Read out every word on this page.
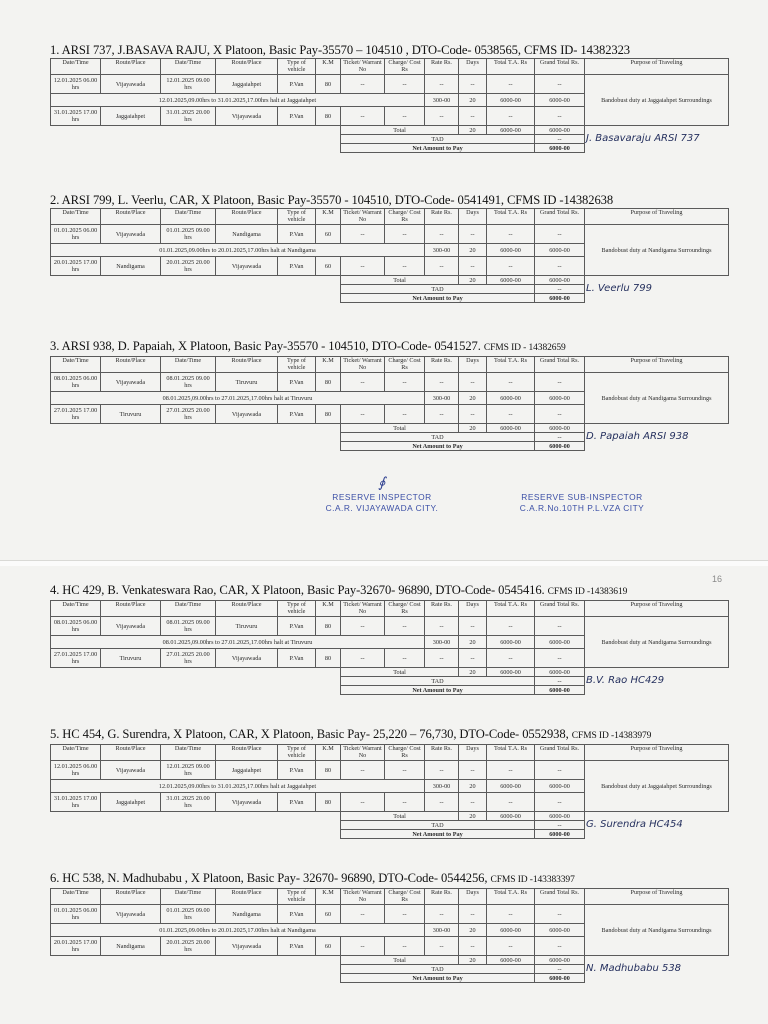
16
1. ARSI 737, J.BASAVA RAJU, X Platoon, Basic Pay-35570 – 104510 , DTO-Code- 0538565, CFMS ID- 14382323
Date/Time	Route/Place	Date/Time	Route/Place	Type of vehicle	K.M	Ticket/ Warrant No	Charge/ Cost Rs	Rate Rs.	Days	Total T.A. Rs	Grand Total Rs.	Purpose of Traveling
12.01.2025 06.00 hrs	Vijayawada	12.01.2025 09.00 hrs	Jaggaiahpet	P.Van	80	--	--	--	--	--	--	Bandobust duty at Jaggaiahpet Surroundings
12.01.2025,09.00hrs to 31.01.2025,17.00hrs halt at Jaggaiahpet								300-00	20	6000-00	6000-00	
31.01.2025 17.00 hrs	Jaggaiahpet	31.01.2025 20.00 hrs	Vijayawada	P.Van	80	--	--	--	--	--	--	
						Total			20	6000-00	6000-00	J. Basavaraju ARSI 737
						TAD					--	
						Net Amount to Pay					6000-00	
2. ARSI 799, L. Veerlu, CAR, X Platoon, Basic Pay-35570 - 104510, DTO-Code- 0541491, CFMS ID -14382638
Date/Time	Route/Place	Date/Time	Route/Place	Type of vehicle	K.M	Ticket/ Warrant No	Charge/ Cost Rs	Rate Rs.	Days	Total T.A. Rs	Grand Total Rs.	Purpose of Traveling
01.01.2025 06.00 hrs	Vijayawada	01.01.2025 09.00 hrs	Nandigama	P.Van	60	--	--	--	--	--	--	Bandobust duty at Nandigama Surroundings
01.01.2025,09.00hrs to 20.01.2025,17.00hrs halt at Nandigama								300-00	20	6000-00	6000-00	
20.01.2025 17.00 hrs	Nandigama	20.01.2025 20.00 hrs	Vijayawada	P.Van	60	--	--	--	--	--	--	
						Total			20	6000-00	6000-00	L. Veerlu 799
						TAD					--	
						Net Amount to Pay					6000-00	
3. ARSI 938, D. Papaiah, X Platoon, Basic Pay-35570 - 104510, DTO-Code- 0541527. CFMS ID - 14382659
Date/Time	Route/Place	Date/Time	Route/Place	Type of vehicle	K.M	Ticket/ Warrant No	Charge/ Cost Rs	Rate Rs.	Days	Total T.A. Rs	Grand Total Rs.	Purpose of Traveling
08.01.2025 06.00 hrs	Vijayawada	08.01.2025 09.00 hrs	Tiruvuru	P.Van	80	--	--	--	--	--	--	Bandobust duty at Nandigama Surroundings
08.01.2025,09.00hrs to 27.01.2025,17.00hrs halt at Tiruvuru								300-00	20	6000-00	6000-00	
27.01.2025 17.00 hrs	Tiruvuru	27.01.2025 20.00 hrs	Vijayawada	P.Van	80	--	--	--	--	--	--	
						Total			20	6000-00	6000-00	D. Papaiah ARSI 938
						TAD					--	
						Net Amount to Pay					6000-00	
4. HC 429, B. Venkateswara Rao, CAR, X Platoon, Basic Pay-32670- 96890, DTO-Code- 0545416. CFMS ID -14383619
Date/Time	Route/Place	Date/Time	Route/Place	Type of vehicle	K.M	Ticket/ Warrant No	Charge/ Cost Rs	Rate Rs.	Days	Total T.A. Rs	Grand Total Rs.	Purpose of Traveling
08.01.2025 06.00 hrs	Vijayawada	08.01.2025 09.00 hrs	Tiruvuru	P.Van	80	--	--	--	--	--	--	Bandobust duty at Nandigama Surroundings
08.01.2025,09.00hrs to 27.01.2025,17.00hrs halt at Tiruvuru								300-00	20	6000-00	6000-00	
27.01.2025 17.00 hrs	Tiruvuru	27.01.2025 20.00 hrs	Vijayawada	P.Van	80	--	--	--	--	--	--	
						Total			20	6000-00	6000-00	B.V. Rao HC429
						TAD					--	
						Net Amount to Pay					6000-00	
5. HC 454, G. Surendra, X Platoon, CAR, X Platoon, Basic Pay- 25,220 – 76,730, DTO-Code- 0552938, CFMS ID -14383979
Date/Time	Route/Place	Date/Time	Route/Place	Type of vehicle	K.M	Ticket/ Warrant No	Charge/ Cost Rs	Rate Rs.	Days	Total T.A. Rs	Grand Total Rs.	Purpose of Traveling
12.01.2025 06.00 hrs	Vijayawada	12.01.2025 09.00 hrs	Jaggaiahpet	P.Van	80	--	--	--	--	--	--	Bandobust duty at Jaggaiahpet Surroundings
12.01.2025,09.00hrs to 31.01.2025,17.00hrs halt at Jaggaiahpet								300-00	20	6000-00	6000-00	
31.01.2025 17.00 hrs	Jaggaiahpet	31.01.2025 20.00 hrs	Vijayawada	P.Van	80	--	--	--	--	--	--	
						Total			20	6000-00	6000-00	G. Surendra HC454
						TAD					--	
						Net Amount to Pay					6000-00	
6. HC 538, N. Madhubabu , X Platoon, Basic Pay- 32670- 96890, DTO-Code- 0544256, CFMS ID -143383397
Date/Time	Route/Place	Date/Time	Route/Place	Type of vehicle	K.M	Ticket/ Warrant No	Charge/ Cost Rs	Rate Rs.	Days	Total T.A. Rs	Grand Total Rs.	Purpose of Traveling
01.01.2025 06.00 hrs	Vijayawada	01.01.2025 09.00 hrs	Nandigama	P.Van	60	--	--	--	--	--	--	Bandobust duty at Nandigama Surroundings
01.01.2025,09.00hrs to 20.01.2025,17.00hrs halt at Nandigama								300-00	20	6000-00	6000-00	
20.01.2025 17.00 hrs	Nandigama	20.01.2025 20.00 hrs	Vijayawada	P.Van	60	--	--	--	--	--	--	
						Total			20	6000-00	6000-00	N. Madhubabu 538
						TAD					--	
						Net Amount to Pay					6000-00	
∮
RESERVE INSPECTOR
C.A.R. VIJAYAWADA CITY.
RESERVE SUB-INSPECTOR
C.A.R.No.10TH P.L.VZA CITY
